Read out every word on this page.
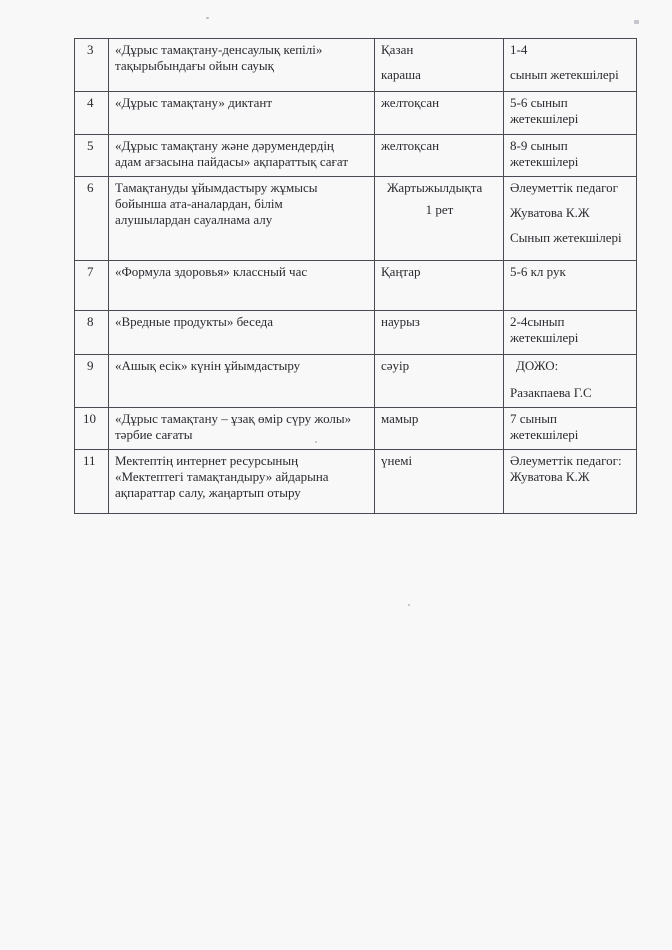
3	«Дұрыс тамақтану-денсаулық кепілі»
тақырыбындағы ойын сауық	Қазан
караша	1-4
сынып жетекшілері

4	«Дұрыс тамақтану» диктант	желтоқсан	5-6 сынып
жетекшілері

5	«Дұрыс тамақтану және дәрумендердің
адам ағзасына пайдасы» ақпараттық сағат	желтоқсан	8-9 сынып
жетекшілері

6	Тамақтануды ұйымдастыру жұмысы
бойынша ата-аналардан, білім
алушылардан сауалнама алу	Жартыжылдықта
1 рет	Әлеуметтік педагог
Жуватова К.Ж
Сынып жетекшілері

7	«Формула здоровья» классный час	Қаңтар	5-6 кл рук

8	«Вредные продукты» беседа	наурыз	2-4сынып
жетекшілері

9	«Ашық есік» күнін ұйымдастыру	сәуір	ДОЖО:
Разакпаева Г.С

10	«Дұрыс тамақтану – ұзақ өмір сүру жолы»
тәрбие сағаты	мамыр	7 сынып
жетекшілері

11	Мектептің интернет ресурсының
«Мектептегі тамақтандыру» айдарына
ақпараттар салу, жаңартып отыру	үнемі	Әлеуметтік педагог:
Жуватова К.Ж
